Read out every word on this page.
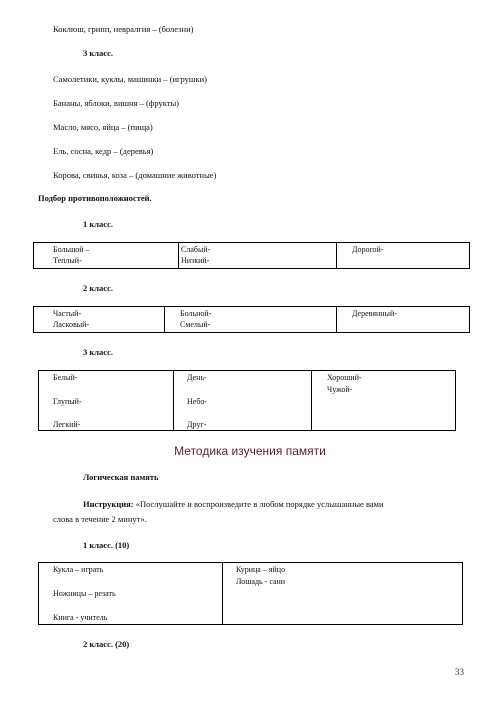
Коклюш, грипп, невралгия – (болезни)
3 класс.
Самолетики, куклы, машинки – (игрушки)
Бананы, яблоки, вишня – (фрукты)
Масло, мясо, яйца – (пища)
Ель, сосна, кедр – (деревья)
Корова, свинья, коза – (домашние животные)
Подбор противоположностей.
1 класс.
Большой –
Теплый-
Слабый-
Низкий-
Дорогой-
2 класс.
Частый-
Ласковый-
Больной-
Смелый-
Деревянный-
3 класс.
Белый-
Глупый-
Легкий-
День-
Небо-
Друг-
Хороший-
Чужой-
Методика изучения памяти
Логическая память
Инструкция: «Послушайте и воспроизведите в любом порядке услышанные вами
слова в течение 2 минут».
1 класс. (10)
Кукла – играть
Ножницы – резать
Книга - учитель
Курица – яйцо
Лошадь - сани
2 класс. (20)
33
